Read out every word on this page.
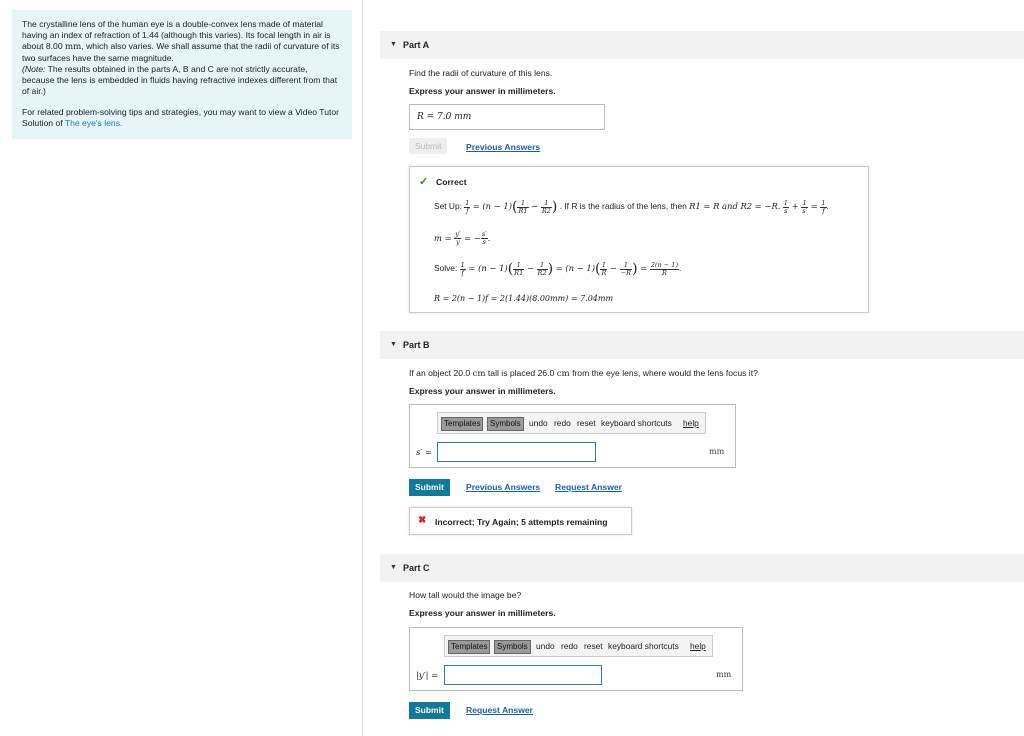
The crystalline lens of the human eye is a double-convex lens made of material having an index of refraction of 1.44 (although this varies). Its focal length in air is about 8.00 mm, which also varies. We shall assume that the radii of curvature of its two surfaces have the same magnitude.
(Note: The results obtained in the parts A, B and C are not strictly accurate, because the lens is embedded in fluids having refractive indexes different from that of air.)

For related problem-solving tips and strategies, you may want to view a Video Tutor Solution of The eye's lens.

▼ Part A
Find the radii of curvature of this lens.
Express your answer in millimeters.
R = 7.0 mm
Submit	Previous Answers
✓ Correct
Set Up: $\frac{1}{f} = (n - 1)( \frac{1}{R1} - \frac{1}{R2}$ ) . If R is the radius of the lens, then R1 = R and R2 = −R. $\frac{1}{s} + \frac{1}{s'} = \frac{1}{f}$ .
$m = \frac{y'}{y}$ = − $\frac{s'}{s}$ .
Solve: $\frac{1}{f} = (n - 1)( \frac{1}{R1} - \frac{1}{R2}$ ) = $(n - 1)( \frac{1}{R} - \frac{1}{-R}$ ) = $\frac{2(n - 1)}{R}$ .
R = 2(n − 1)f = 2(1.44)(8.00mm) = 7.04mm
▼ Part B
If an object 20.0 cm tall is placed 26.0 cm from the eye lens, where would the lens focus it?
Express your answer in millimeters.
Templates	Symbols undo redo reset keyboard shortcuts help
s′ =	mm
Submit	Previous Answers Request Answer
✖ Incorrect; Try Again; 5 attempts remaining
▼ Part C
How tall would the image be?
Express your answer in millimeters.
Templates	Symbols undo redo reset keyboard shortcuts help
|y′| =	mm
Submit	Request Answer
